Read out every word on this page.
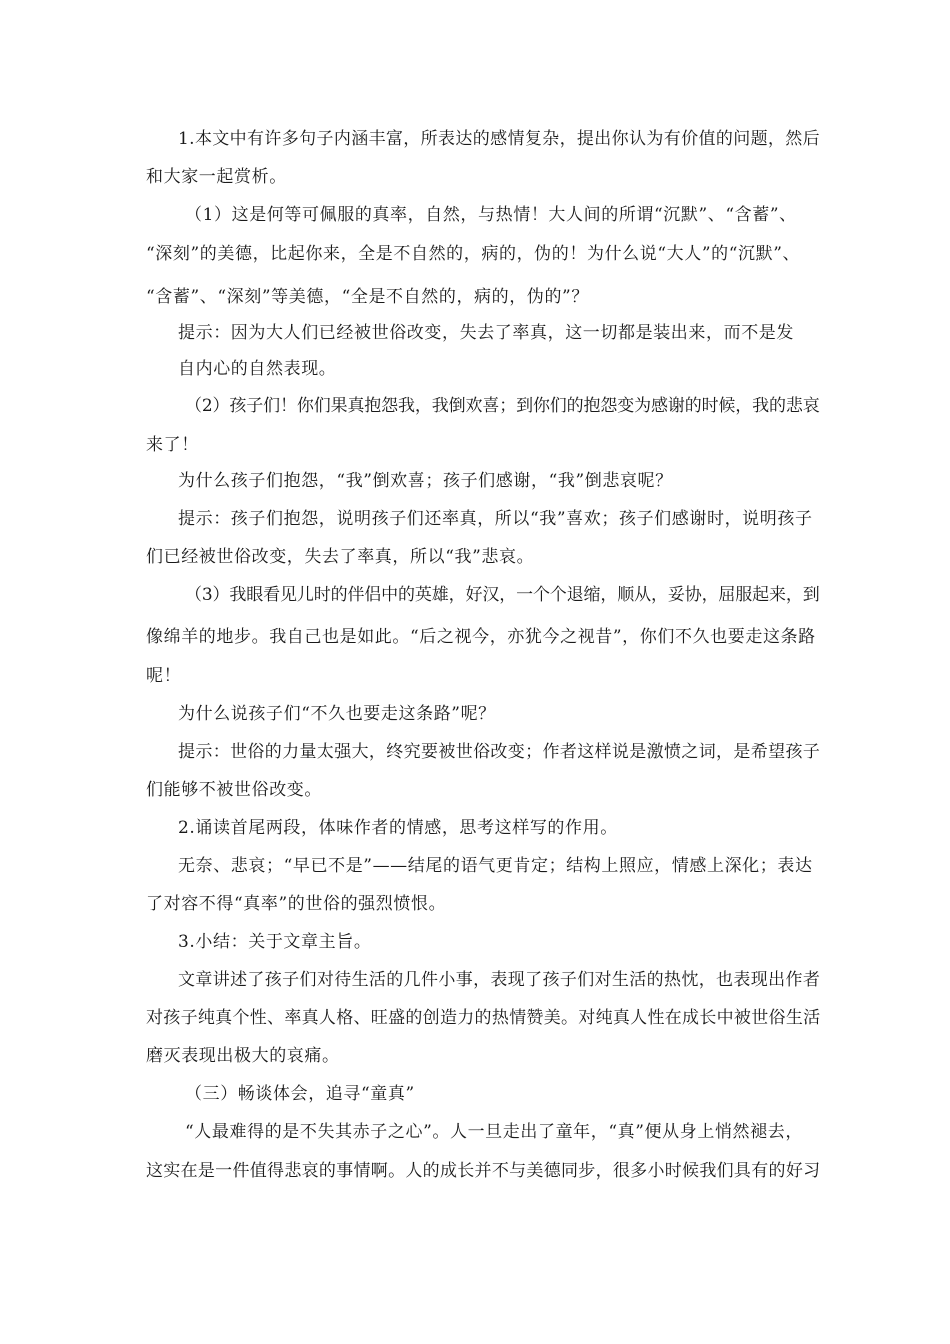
1.本文中有许多句子内涵丰富，所表达的感情复杂，提出你认为有价值的问题，然后
和大家一起赏析。
（1）这是何等可佩服的真率，自然，与热情！大人间的所谓“沉默”、“含蓄”、
“深刻”的美德，比起你来，全是不自然的，病的，伪的！为什么说“大人”的“沉默”、
“含蓄”、“深刻”等美德，“全是不自然的，病的，伪的”？
提示：因为大人们已经被世俗改变，失去了率真，这一切都是装出来，而不是发
自内心的自然表现。
（2）孩子们！你们果真抱怨我，我倒欢喜；到你们的抱怨变为感谢的时候，我的悲哀
来了！
为什么孩子们抱怨，“我”倒欢喜；孩子们感谢，“我”倒悲哀呢？
提示：孩子们抱怨，说明孩子们还率真，所以“我”喜欢；孩子们感谢时，说明孩子
们已经被世俗改变，失去了率真，所以“我”悲哀。
（3）我眼看见儿时的伴侣中的英雄，好汉，一个个退缩，顺从，妥协，屈服起来，到
像绵羊的地步。我自己也是如此。“后之视今，亦犹今之视昔”，你们不久也要走这条路
呢！
为什么说孩子们“不久也要走这条路”呢？
提示：世俗的力量太强大，终究要被世俗改变；作者这样说是激愤之词，是希望孩子
们能够不被世俗改变。
2.诵读首尾两段，体味作者的情感，思考这样写的作用。
无奈、悲哀；“早已不是”——结尾的语气更肯定；结构上照应，情感上深化；表达
了对容不得“真率”的世俗的强烈愤恨。
3.小结：关于文章主旨。
文章讲述了孩子们对待生活的几件小事，表现了孩子们对生活的热忱，也表现出作者
对孩子纯真个性、率真人格、旺盛的创造力的热情赞美。对纯真人性在成长中被世俗生活
磨灭表现出极大的哀痛。
（三）畅谈体会，追寻“童真”
“人最难得的是不失其赤子之心”。人一旦走出了童年，“真”便从身上悄然褪去，
这实在是一件值得悲哀的事情啊。人的成长并不与美德同步，很多小时候我们具有的好习
